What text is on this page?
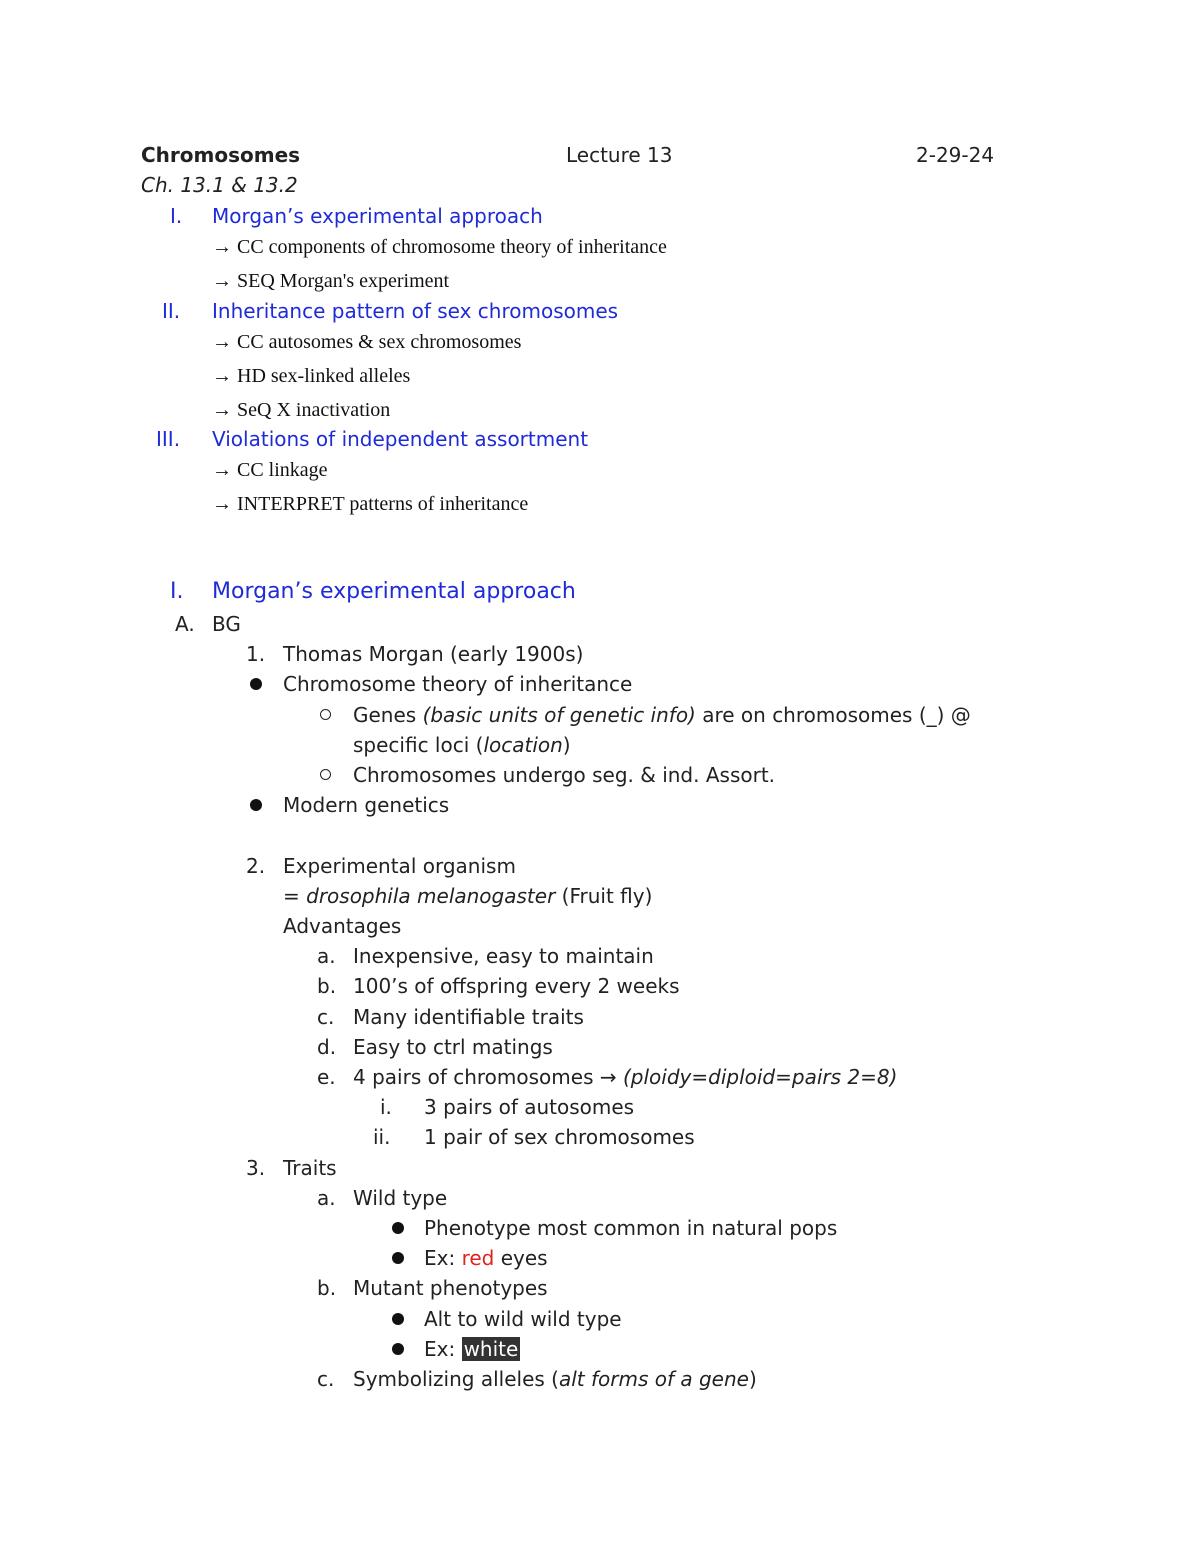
Chromosomes	Lecture 13	2-29-24
Ch. 13.1 & 13.2
I. Morgan’s experimental approach
→ CC components of chromosome theory of inheritance
→ SEQ Morgan's experiment
II. Inheritance pattern of sex chromosomes
→ CC autosomes & sex chromosomes
→ HD sex-linked alleles
→ SeQ X inactivation
III. Violations of independent assortment
→ CC linkage
→ INTERPRET patterns of inheritance
I. Morgan’s experimental approach
A. BG
1. Thomas Morgan (early 1900s)
Chromosome theory of inheritance
Genes (basic units of genetic info) are on chromosomes (_) @
specific loci (location)
Chromosomes undergo seg. & ind. Assort.
Modern genetics
2. Experimental organism
= drosophila melanogaster (Fruit fly)
Advantages
a. Inexpensive, easy to maintain
b. 100’s of offspring every 2 weeks
c. Many identifiable traits
d. Easy to ctrl matings
e. 4 pairs of chromosomes → (ploidy=diploid=pairs 2=8)
i. 3 pairs of autosomes
ii. 1 pair of sex chromosomes
3. Traits
a. Wild type
Phenotype most common in natural pops
Ex: red eyes
b. Mutant phenotypes
Alt to wild wild type
Ex: white
c. Symbolizing alleles (alt forms of a gene)
